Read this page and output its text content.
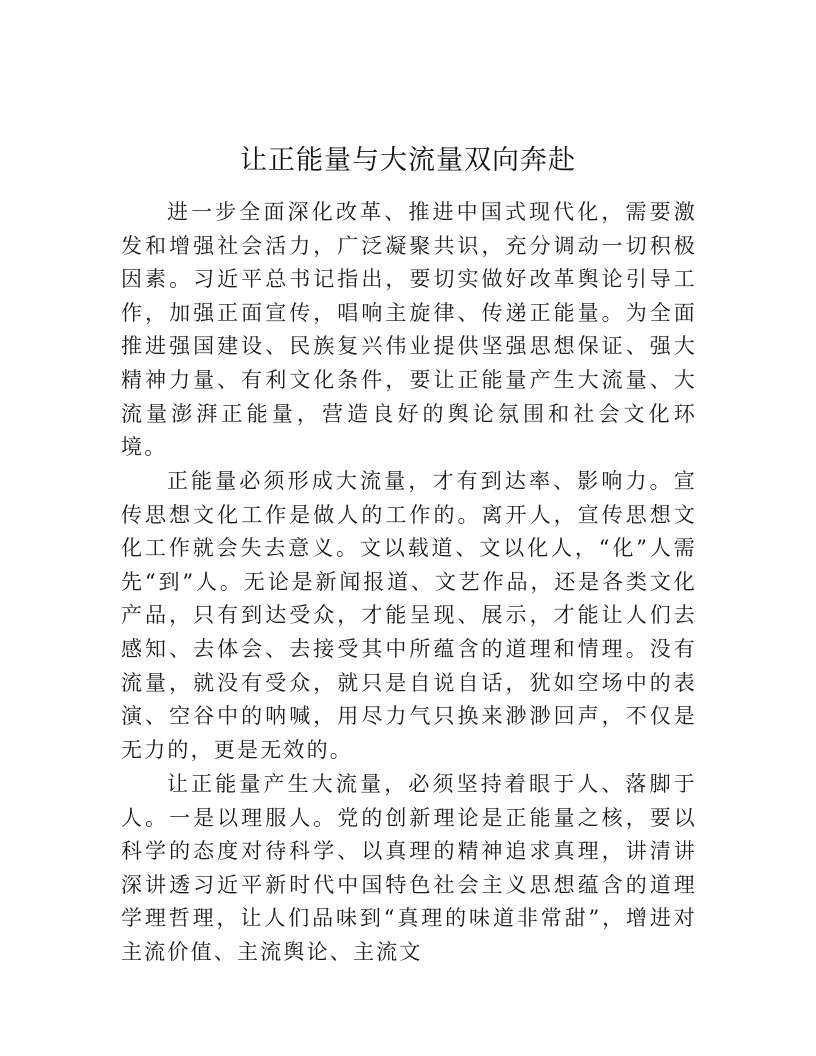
让正能量与大流量双向奔赴

进一步全面深化改革、推进中国式现代化，需要激发和增强社会活力，广泛凝聚共识，充分调动一切积极因素。习近平总书记指出，要切实做好改革舆论引导工作，加强正面宣传，唱响主旋律、传递正能量。为全面推进强国建设、民族复兴伟业提供坚强思想保证、强大精神力量、有利文化条件，要让正能量产生大流量、大流量澎湃正能量，营造良好的舆论氛围和社会文化环境。

正能量必须形成大流量，才有到达率、影响力。宣传思想文化工作是做人的工作的。离开人，宣传思想文化工作就会失去意义。文以载道、文以化人，“化”人需先“到”人。无论是新闻报道、文艺作品，还是各类文化产品，只有到达受众，才能呈现、展示，才能让人们去感知、去体会、去接受其中所蕴含的道理和情理。没有流量，就没有受众，就只是自说自话，犹如空场中的表演、空谷中的呐喊，用尽力气只换来渺渺回声，不仅是无力的，更是无效的。

让正能量产生大流量，必须坚持着眼于人、落脚于人。一是以理服人。党的创新理论是正能量之核，要以科学的态度对待科学、以真理的精神追求真理，讲清讲深讲透习近平新时代中国特色社会主义思想蕴含的道理学理哲理，让人们品味到“真理的味道非常甜”，增进对主流价值、主流舆论、主流文
